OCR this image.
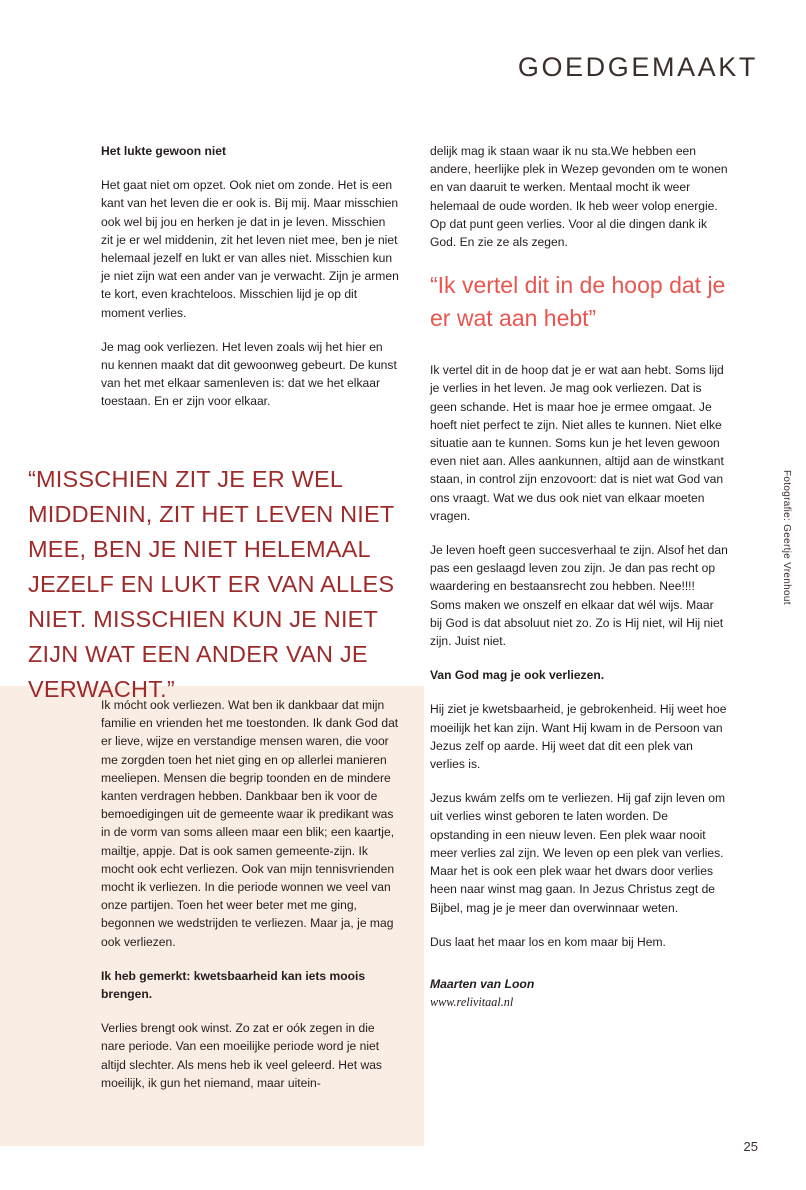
GOEDGEMAAKT

Het lukte gewoon niet

Het gaat niet om opzet. Ook niet om zonde. Het is een kant van het leven die er ook is. Bij mij. Maar misschien ook wel bij jou en herken je dat in je leven. Misschien zit je er wel middenin, zit het leven niet mee, ben je niet helemaal jezelf en lukt er van alles niet. Misschien kun je niet zijn wat een ander van je verwacht. Zijn je armen te kort, even krachteloos. Misschien lijd je op dit moment verlies.

Je mag ook verliezen. Het leven zoals wij het hier en nu kennen maakt dat dit gewoonweg gebeurt. De kunst van het met elkaar samenleven is: dat we het elkaar toestaan. En er zijn voor elkaar.

“MISSCHIEN ZIT JE ER WEL MIDDENIN, ZIT HET LEVEN NIET MEE, BEN JE NIET HELEMAAL JEZELF EN LUKT ER VAN ALLES NIET. MISSCHIEN KUN JE NIET ZIJN WAT EEN ANDER VAN JE VERWACHT.”

Ik mócht ook verliezen. Wat ben ik dankbaar dat mijn familie en vrienden het me toestonden. Ik dank God dat er lieve, wijze en verstandige mensen waren, die voor me zorgden toen het niet ging en op allerlei manieren meeliepen. Mensen die begrip toonden en de mindere kanten verdragen hebben. Dankbaar ben ik voor de bemoedigingen uit de gemeente waar ik predikant was in de vorm van soms alleen maar een blik; een kaartje, mailtje, appje. Dat is ook samen gemeente-zijn. Ik mocht ook echt verliezen. Ook van mijn tennisvrienden mocht ik verliezen. In die periode wonnen we veel van onze partijen. Toen het weer beter met me ging, begonnen we wedstrijden te verliezen. Maar ja, je mag ook verliezen.

Ik heb gemerkt: kwetsbaarheid kan iets moois brengen.

Verlies brengt ook winst. Zo zat er oók zegen in die nare periode. Van een moeilijke periode word je niet altijd slechter. Als mens heb ik veel geleerd. Het was moeilijk, ik gun het niemand, maar uitein-

delijk mag ik staan waar ik nu sta.We hebben een andere, heerlijke plek in Wezep gevonden om te wonen en van daaruit te werken. Mentaal mocht ik weer helemaal de oude worden. Ik heb weer volop energie. Op dat punt geen verlies. Voor al die dingen dank ik God. En zie ze als zegen.

“Ik vertel dit in de hoop dat je er wat aan hebt”

Ik vertel dit in de hoop dat je er wat aan hebt. Soms lijd je verlies in het leven. Je mag ook verliezen. Dat is geen schande. Het is maar hoe je ermee omgaat. Je hoeft niet perfect te zijn. Niet alles te kunnen. Niet elke situatie aan te kunnen. Soms kun je het leven gewoon even niet aan. Alles aankunnen, altijd aan de winstkant staan, in control zijn enzovoort: dat is niet wat God van ons vraagt. Wat we dus ook niet van elkaar moeten vragen.

Je leven hoeft geen succesverhaal te zijn. Alsof het dan pas een geslaagd leven zou zijn. Je dan pas recht op waardering en bestaansrecht zou hebben. Nee!!!! Soms maken we onszelf en elkaar dat wél wijs. Maar bij God is dat absoluut niet zo. Zo is Hij niet, wil Hij niet zijn. Juist niet.

Van God mag je ook verliezen.

Hij ziet je kwetsbaarheid, je gebrokenheid. Hij weet hoe moeilijk het kan zijn. Want Hij kwam in de Persoon van Jezus zelf op aarde. Hij weet dat dit een plek van verlies is.

Jezus kwám zelfs om te verliezen. Hij gaf zijn leven om uit verlies winst geboren te laten worden. De opstanding in een nieuw leven. Een plek waar nooit meer verlies zal zijn. We leven op een plek van verlies. Maar het is ook een plek waar het dwars door verlies heen naar winst mag gaan. In Jezus Christus zegt de Bijbel, mag je je meer dan overwinnaar weten.

Dus laat het maar los en kom maar bij Hem.

Maarten van Loon
www.relivitaal.nl
Fotografie: Geertje Vrenhout
25
